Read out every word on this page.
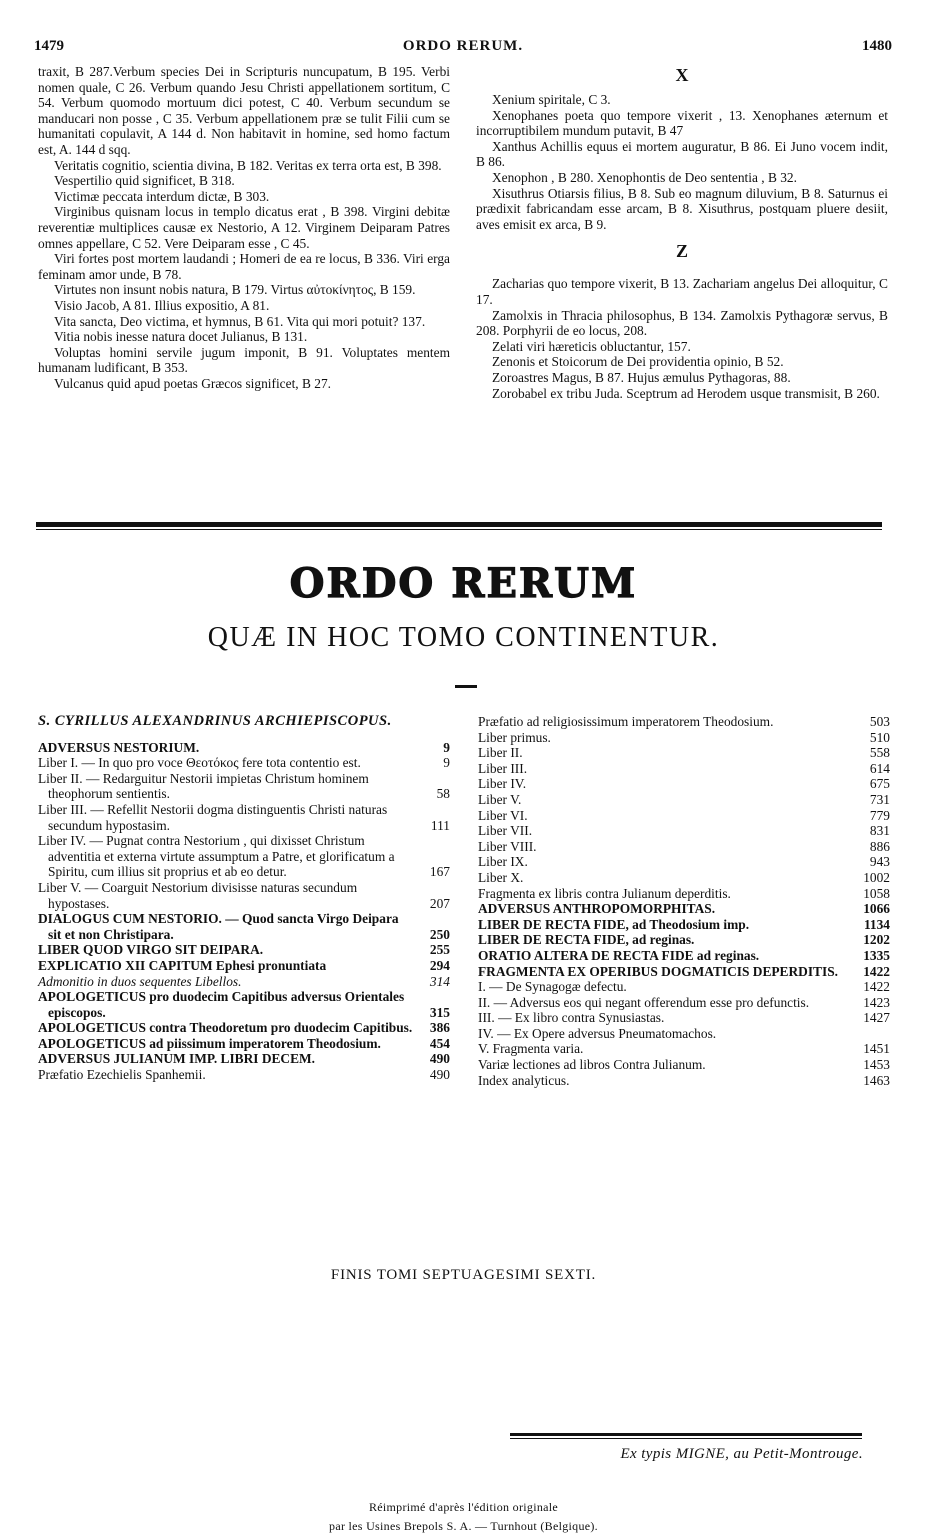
1479	ORDO RERUM.	1480

traxit, B 287.Verbum species Dei in Scripturis nuncupatum, B 195. Verbi nomen quale, C 26. Verbum quando Jesu Christi appellationem sortitum, C 54. Verbum quomodo mortuum dici potest, C 40. Verbum secundum se manducari non posse , C 35. Verbum appellationem præ se tulit Filii cum se humanitati copulavit, A 144 d. Non habitavit in homine, sed homo factum est, A. 144 d sqq.

Veritatis cognitio, scientia divina, B 182. Veritas ex terra orta est, B 398.

Vespertilio quid significet, B 318.

Victimæ peccata interdum dictæ, B 303.

Virginibus quisnam locus in templo dicatus erat , B 398. Virgini debitæ reverentiæ multiplices causæ ex Nestorio, A 12. Virginem Deiparam Patres omnes appellare, C 52. Vere Deiparam esse , C 45.

Viri fortes post mortem laudandi ; Homeri de ea re locus, B 336. Viri erga feminam amor unde, B 78.

Virtutes non insunt nobis natura, B 179. Virtus αὐτοκίνητος, B 159.

Visio Jacob, A 81. Illius expositio, A 81.

Vita sancta, Deo victima, et hymnus, B 61. Vita qui mori potuit? 137.

Vitia nobis inesse natura docet Julianus, B 131.

Voluptas homini servile jugum imponit, B 91. Voluptates mentem humanam ludificant, B 353.

Vulcanus quid apud poetas Græcos significet, B 27.

X

Xenium spiritale, C 3.

Xenophanes poeta quo tempore vixerit , 13. Xenophanes æternum et incorruptibilem mundum putavit, B 47

Xanthus Achillis equus ei mortem auguratur, B 86. Ei Juno vocem indit, B 86.

Xenophon , B 280. Xenophontis de Deo sententia , B 32.

Xisuthrus Otiarsis filius, B 8. Sub eo magnum diluvium, B 8. Saturnus ei prædixit fabricandam esse arcam, B 8. Xisuthrus, postquam pluere desiit, aves emisit ex arca, B 9.

Z

Zacharias quo tempore vixerit, B 13. Zachariam angelus Dei alloquitur, C 17.

Zamolxis in Thracia philosophus, B 134. Zamolxis Pythagoræ servus, B 208. Porphyrii de eo locus, 208.

Zelati viri hæreticis obluctantur, 157.

Zenonis et Stoicorum de Dei providentia opinio, B 52.

Zoroastres Magus, B 87. Hujus æmulus Pythagoras, 88.

Zorobabel ex tribu Juda. Sceptrum ad Herodem usque transmisit, B 260.

ORDO RERUM
QUÆ IN HOC TOMO CONTINENTUR.
S. CYRILLUS ALEXANDRINUS ARCHIEPISCOPUS.
ADVERSUS NESTORIUM.	9
Liber I. — In quo pro voce Θεοτόκος fere tota contentio est.	9
Liber II. — Redarguitur Nestorii impietas Christum hominem theophorum sentientis.	58
Liber III. — Refellit Nestorii dogma distinguentis Christi naturas secundum hypostasim.	111
Liber IV. — Pugnat contra Nestorium , qui dixisset Christum adventitia et externa virtute assumptum a Patre, et glorificatum a Spiritu, cum illius sit proprius et ab eo detur.	167
Liber V. — Coarguit Nestorium divisisse naturas secundum hypostases.	207
DIALOGUS CUM NESTORIO. — Quod sancta Virgo Deipara sit et non Christipara.	250
LIBER QUOD VIRGO SIT DEIPARA.	255
EXPLICATIO XII CAPITUM Ephesi pronuntiata	294
Admonitio in duos sequentes Libellos.	314
APOLOGETICUS pro duodecim Capitibus adversus Orientales episcopos.	315
APOLOGETICUS contra Theodoretum pro duodecim Capitibus. 386
APOLOGETICUS ad piissimum imperatorem Theodosium.	454
ADVERSUS JULIANUM IMP. LIBRI DECEM.	490
Præfatio Ezechielis Spanhemii.	490
Præfatio ad religiosissimum imperatorem Theodosium.	503
Liber primus.	510
Liber II.	558
Liber III.	614
Liber IV.	675
Liber V.	731
Liber VI.	779
Liber VII.	831
Liber VIII.	886
Liber IX.	943
Liber X.	1002
Fragmenta ex libris contra Julianum deperditis.	1058
ADVERSUS ANTHROPOMORPHITAS.	1066
LIBER DE RECTA FIDE, ad Theodosium imp.	1134
LIBER DE RECTA FIDE, ad reginas.	1202
ORATIO ALTERA DE RECTA FIDE ad reginas.	1335
FRAGMENTA EX OPERIBUS DOGMATICIS DEPERDITIS. 1422
I. — De Synagogæ defectu.	1422
II. — Adversus eos qui negant offerendum esse pro defunctis.	1423
III. — Ex libro contra Synusiastas.	1427
IV. — Ex Opere adversus Pneumatomachos.
V. Fragmenta varia.	1451
Variæ lectiones ad libros Contra Julianum.	1453
Index analyticus.	1463
FINIS TOMI SEPTUAGESIMI SEXTI.
Ex typis MIGNE, au Petit-Montrouge.
Réimprimé d'après l'édition originale
par les Usines Brepols S. A. — Turnhout (Belgique).
